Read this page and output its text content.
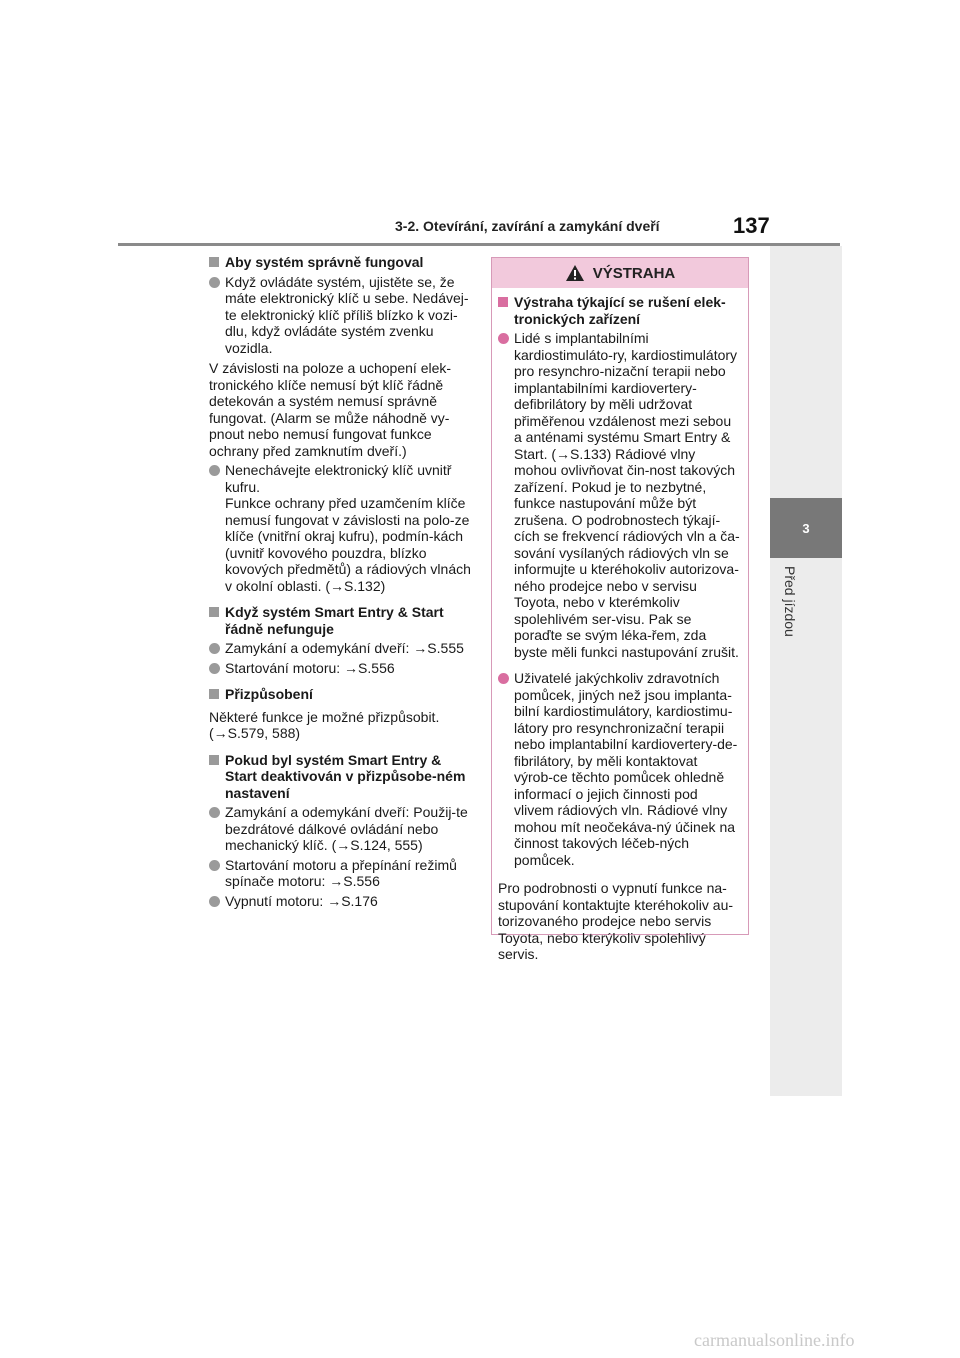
3-2. Otevírání, zavírání a zamykání dveří	137
3
Před jízdou
Aby systém správně fungoval
Když ovládáte systém, ujistěte se, že máte elektronický klíč u sebe. Nedávej-te elektronický klíč příliš blízko k vozi-dlu, když ovládáte systém zvenku vozidla.
V závislosti na poloze a uchopení elek-tronického klíče nemusí být klíč řádně detekován a systém nemusí správně fungovat. (Alarm se může náhodně vy-pnout nebo nemusí fungovat funkce ochrany před zamknutím dveří.)
Nenechávejte elektronický klíč uvnitř kufru.
Funkce ochrany před uzamčením klíče nemusí fungovat v závislosti na polo-ze klíče (vnitřní okraj kufru), podmín-kách (uvnitř kovového pouzdra, blízko kovových předmětů) a rádiových vlnách v okolní oblasti. (→S.132)
Když systém Smart Entry & Start řádně nefunguje
Zamykání a odemykání dveří: →S.555
Startování motoru: →S.556
Přizpůsobení
Některé funkce je možné přizpůsobit. (→S.579, 588)
Pokud byl systém Smart Entry & Start deaktivován v přizpůsobe-ném nastavení
Zamykání a odemykání dveří: Použij-te bezdrátové dálkové ovládání nebo mechanický klíč. (→S.124, 555)
Startování motoru a přepínání režimů spínače motoru: →S.556
Vypnutí motoru: →S.176
VÝSTRAHA
Výstraha týkající se rušení elek-tronických zařízení
Lidé s implantabilními kardiostimuláto-ry, kardiostimulátory pro resynchro-nizační terapii nebo implantabilními kardiovertery-defibrilátory by měli udržovat přiměřenou vzdálenost mezi sebou a anténami systému Smart Entry & Start. (→S.133) Rádiové vlny mohou ovlivňovat čin-nost takových zařízení. Pokud je to nezbytné, funkce nastupování může být zrušena. O podrobnostech týkají-cích se frekvencí rádiových vln a ča-sování vysílaných rádiových vln se informujte u kteréhokoliv autorizova-ného prodejce nebo v servisu Toyota, nebo v kterémkoliv spolehlivém ser-visu. Pak se poraďte se svým léka-řem, zda byste měli funkci nastupování zrušit.
Uživatelé jakýchkoliv zdravotních pomůcek, jiných než jsou implanta-bilní kardiostimulátory, kardiostimu-látory pro resynchronizační terapii nebo implantabilní kardiovertery-de-fibrilátory, by měli kontaktovat výrob-ce těchto pomůcek ohledně informací o jejich činnosti pod vlivem rádiových vln. Rádiové vlny mohou mít neočekáva-ný účinek na činnost takových léčeb-ných pomůcek.
Pro podrobnosti o vypnutí funkce na-stupování kontaktujte kteréhokoliv au-torizovaného prodejce nebo servis Toyota, nebo kterýkoliv spolehlivý servis.
carmanualsonline.info
